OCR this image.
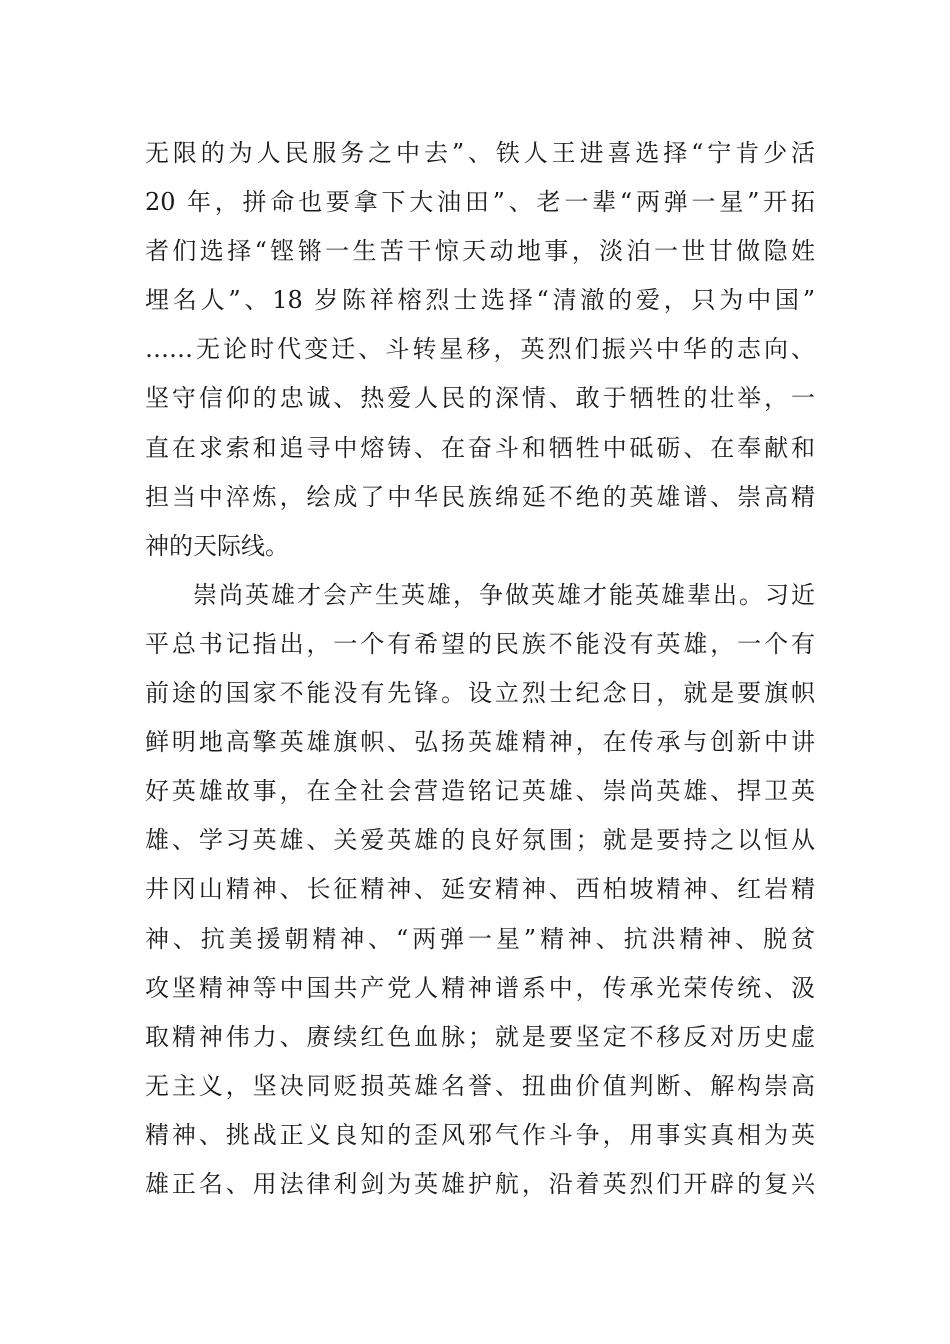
无限的为人民服务之中去”、铁人王进喜选择“宁肯少活
20 年，拼命也要拿下大油田”、老一辈“两弹一星”开拓
者们选择“铿锵一生苦干惊天动地事，淡泊一世甘做隐姓
埋名人”、18 岁陈祥榕烈士选择“清澈的爱，只为中国”
……无论时代变迁、斗转星移，英烈们振兴中华的志向、
坚守信仰的忠诚、热爱人民的深情、敢于牺牲的壮举，一
直在求索和追寻中熔铸、在奋斗和牺牲中砥砺、在奉献和
担当中淬炼，绘成了中华民族绵延不绝的英雄谱、崇高精
神的天际线。
崇尚英雄才会产生英雄，争做英雄才能英雄辈出。习近
平总书记指出，一个有希望的民族不能没有英雄，一个有
前途的国家不能没有先锋。设立烈士纪念日，就是要旗帜
鲜明地高擎英雄旗帜、弘扬英雄精神，在传承与创新中讲
好英雄故事，在全社会营造铭记英雄、崇尚英雄、捍卫英
雄、学习英雄、关爱英雄的良好氛围；就是要持之以恒从
井冈山精神、长征精神、延安精神、西柏坡精神、红岩精
神、抗美援朝精神、“两弹一星”精神、抗洪精神、脱贫
攻坚精神等中国共产党人精神谱系中，传承光荣传统、汲
取精神伟力、赓续红色血脉；就是要坚定不移反对历史虚
无主义，坚决同贬损英雄名誉、扭曲价值判断、解构崇高
精神、挑战正义良知的歪风邪气作斗争，用事实真相为英
雄正名、用法律利剑为英雄护航，沿着英烈们开辟的复兴
